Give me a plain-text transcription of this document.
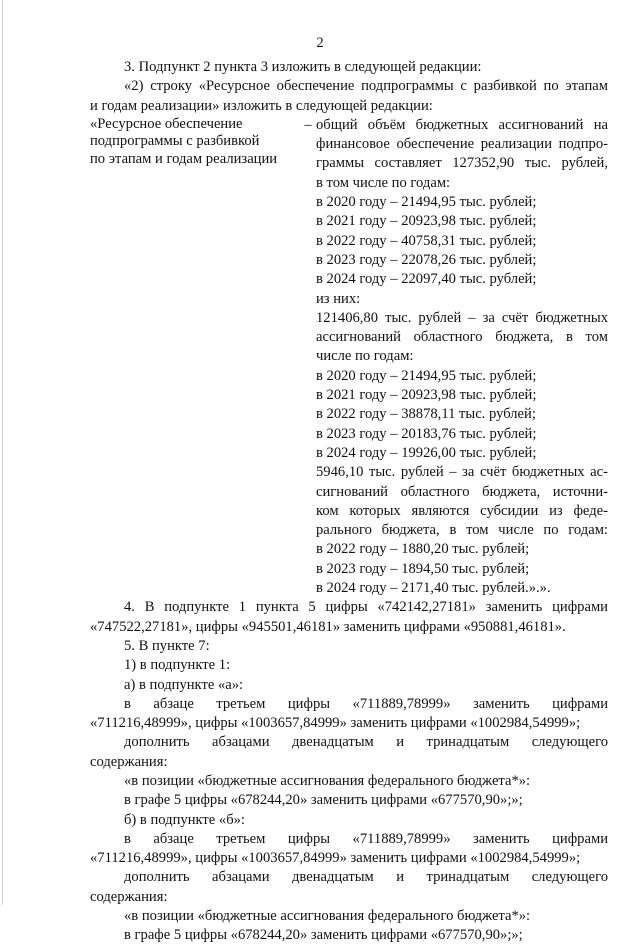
2

3. Подпункт 2 пункта 3 изложить в следующей редакции:

«2) строку «Ресурсное обеспечение подпрограммы с разбивкой по этапам

и годам реализации» изложить в следующей редакции:

«Ресурсное обеспечение
подпрограммы с разбивкой
по этапам и годам реализации
– общий объём бюджетных ассигнований на
финансовое обеспечение реализации подпро-
граммы составляет 127352,90 тыс. рублей,
в том числе по годам:
в 2020 году – 21494,95 тыс. рублей;
в 2021 году – 20923,98 тыс. рублей;
в 2022 году – 40758,31 тыс. рублей;
в 2023 году – 22078,26 тыс. рублей;
в 2024 году – 22097,40 тыс. рублей;
из них:
121406,80 тыс. рублей – за счёт бюджетных
ассигнований областного бюджета, в том
числе по годам:
в 2020 году – 21494,95 тыс. рублей;
в 2021 году – 20923,98 тыс. рублей;
в 2022 году – 38878,11 тыс. рублей;
в 2023 году – 20183,76 тыс. рублей;
в 2024 году – 19926,00 тыс. рублей;
5946,10 тыс. рублей – за счёт бюджетных ас-
сигнований областного бюджета, источни-
ком которых являются субсидии из феде-
рального бюджета, в том числе по годам:
в 2022 году – 1880,20 тыс. рублей;
в 2023 году – 1894,50 тыс. рублей;
в 2024 году – 2171,40 тыс. рублей.».».

4. В подпункте 1 пункта 5 цифры «742142,27181» заменить цифрами

«747522,27181», цифры «945501,46181» заменить цифрами «950881,46181».

5. В пункте 7:

1) в подпункте 1:

а) в подпункте «а»:

в абзаце третьем цифры «711889,78999» заменить цифрами

«711216,48999», цифры «1003657,84999» заменить цифрами «1002984,54999»;

дополнить абзацами двенадцатым и тринадцатым следующего

содержания:

«в позиции «бюджетные ассигнования федерального бюджета*»:

в графе 5 цифры «678244,20» заменить цифрами «677570,90»;»;

б) в подпункте «б»:

в абзаце третьем цифры «711889,78999» заменить цифрами

«711216,48999», цифры «1003657,84999» заменить цифрами «1002984,54999»;

дополнить абзацами двенадцатым и тринадцатым следующего

содержания:

«в позиции «бюджетные ассигнования федерального бюджета*»:

в графе 5 цифры «678244,20» заменить цифрами «677570,90»;»;
